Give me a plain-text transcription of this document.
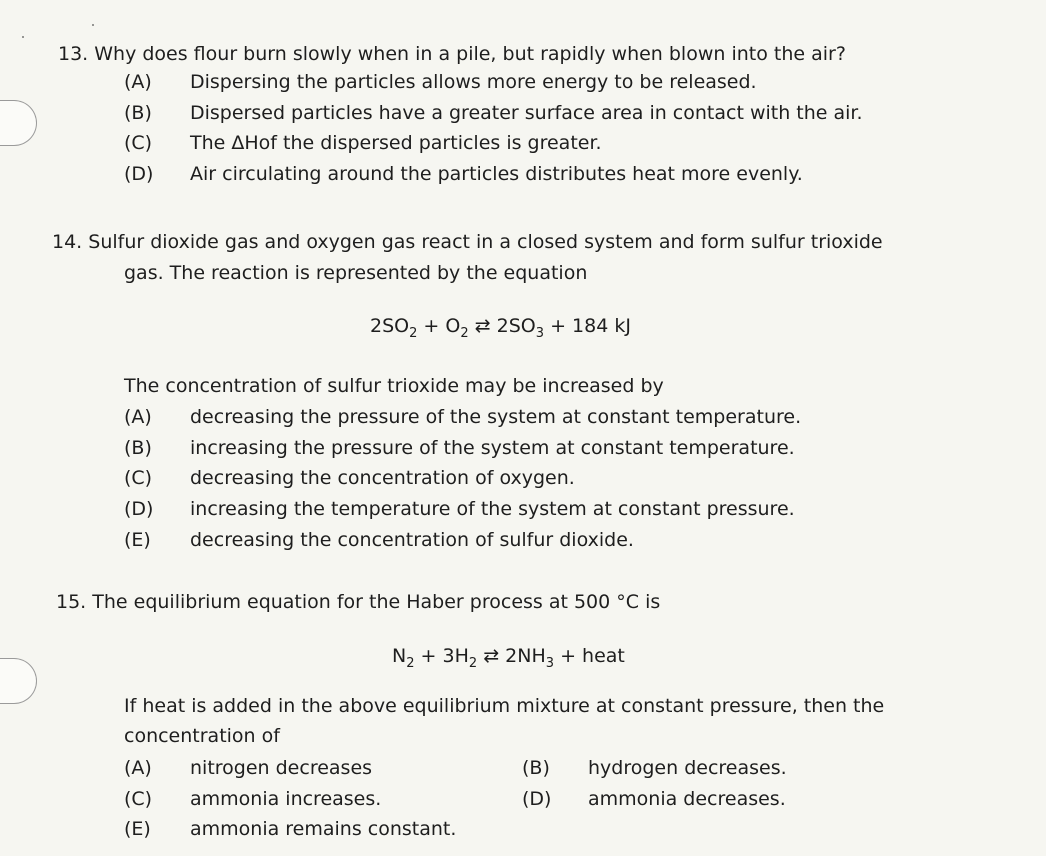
13. Why does flour burn slowly when in a pile, but rapidly when blown into the air?
(A) Dispersing the particles allows more energy to be released.
(B) Dispersed particles have a greater surface area in contact with the air.
(C) The ΔHof the dispersed particles is greater.
(D) Air circulating around the particles distributes heat more evenly.
14. Sulfur dioxide gas and oxygen gas react in a closed system and form sulfur trioxide
gas. The reaction is represented by the equation
$2SO_2 + O_2$ ⇄ $2SO_3 + 184$ kJ
The concentration of sulfur trioxide may be increased by
(A) decreasing the pressure of the system at constant temperature.
(B) increasing the pressure of the system at constant temperature.
(C) decreasing the concentration of oxygen.
(D) increasing the temperature of the system at constant pressure.
(E) decreasing the concentration of sulfur dioxide.
15. The equilibrium equation for the Haber process at 500 °C is
$N_2 + 3H_2$ ⇄ $2NH_3$ + heat
If heat is added in the above equilibrium mixture at constant pressure, then the
concentration of
(A) nitrogen decreases	(B) hydrogen decreases.
(C) ammonia increases.	(D) ammonia decreases.
(E) ammonia remains constant.
